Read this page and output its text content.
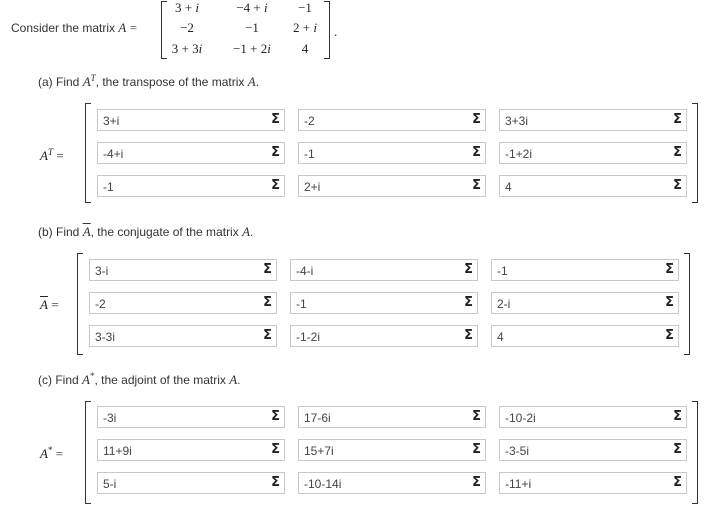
Consider the matrix A =	.
3 + i	−4 + i	−1
−2	−1	2 + i
3 + 3i	−1 + 2i	4
(a) Find $A^T$, the transpose of the matrix A.
$A^T$ =
3+i	Σ -2	Σ 3+3i	Σ
-4+i	Σ -1	Σ -1+2i	Σ
-1	Σ 2+i	Σ 4	Σ
(b) Find $\overline{A}$, the conjugate of the matrix A.
$\overline{A}$ =
3-i	Σ -4-i	Σ -1	Σ
-2	Σ -1	Σ 2-i	Σ
3-3i	Σ -1-2i	Σ 4	Σ
(c) Find A*, the adjoint of the matrix A.
A* =
-3i	Σ 17-6i	Σ -10-2i	Σ
11+9i	Σ 15+7i	Σ -3-5i	Σ
5-i	Σ -10-14i	Σ -11+i	Σ
